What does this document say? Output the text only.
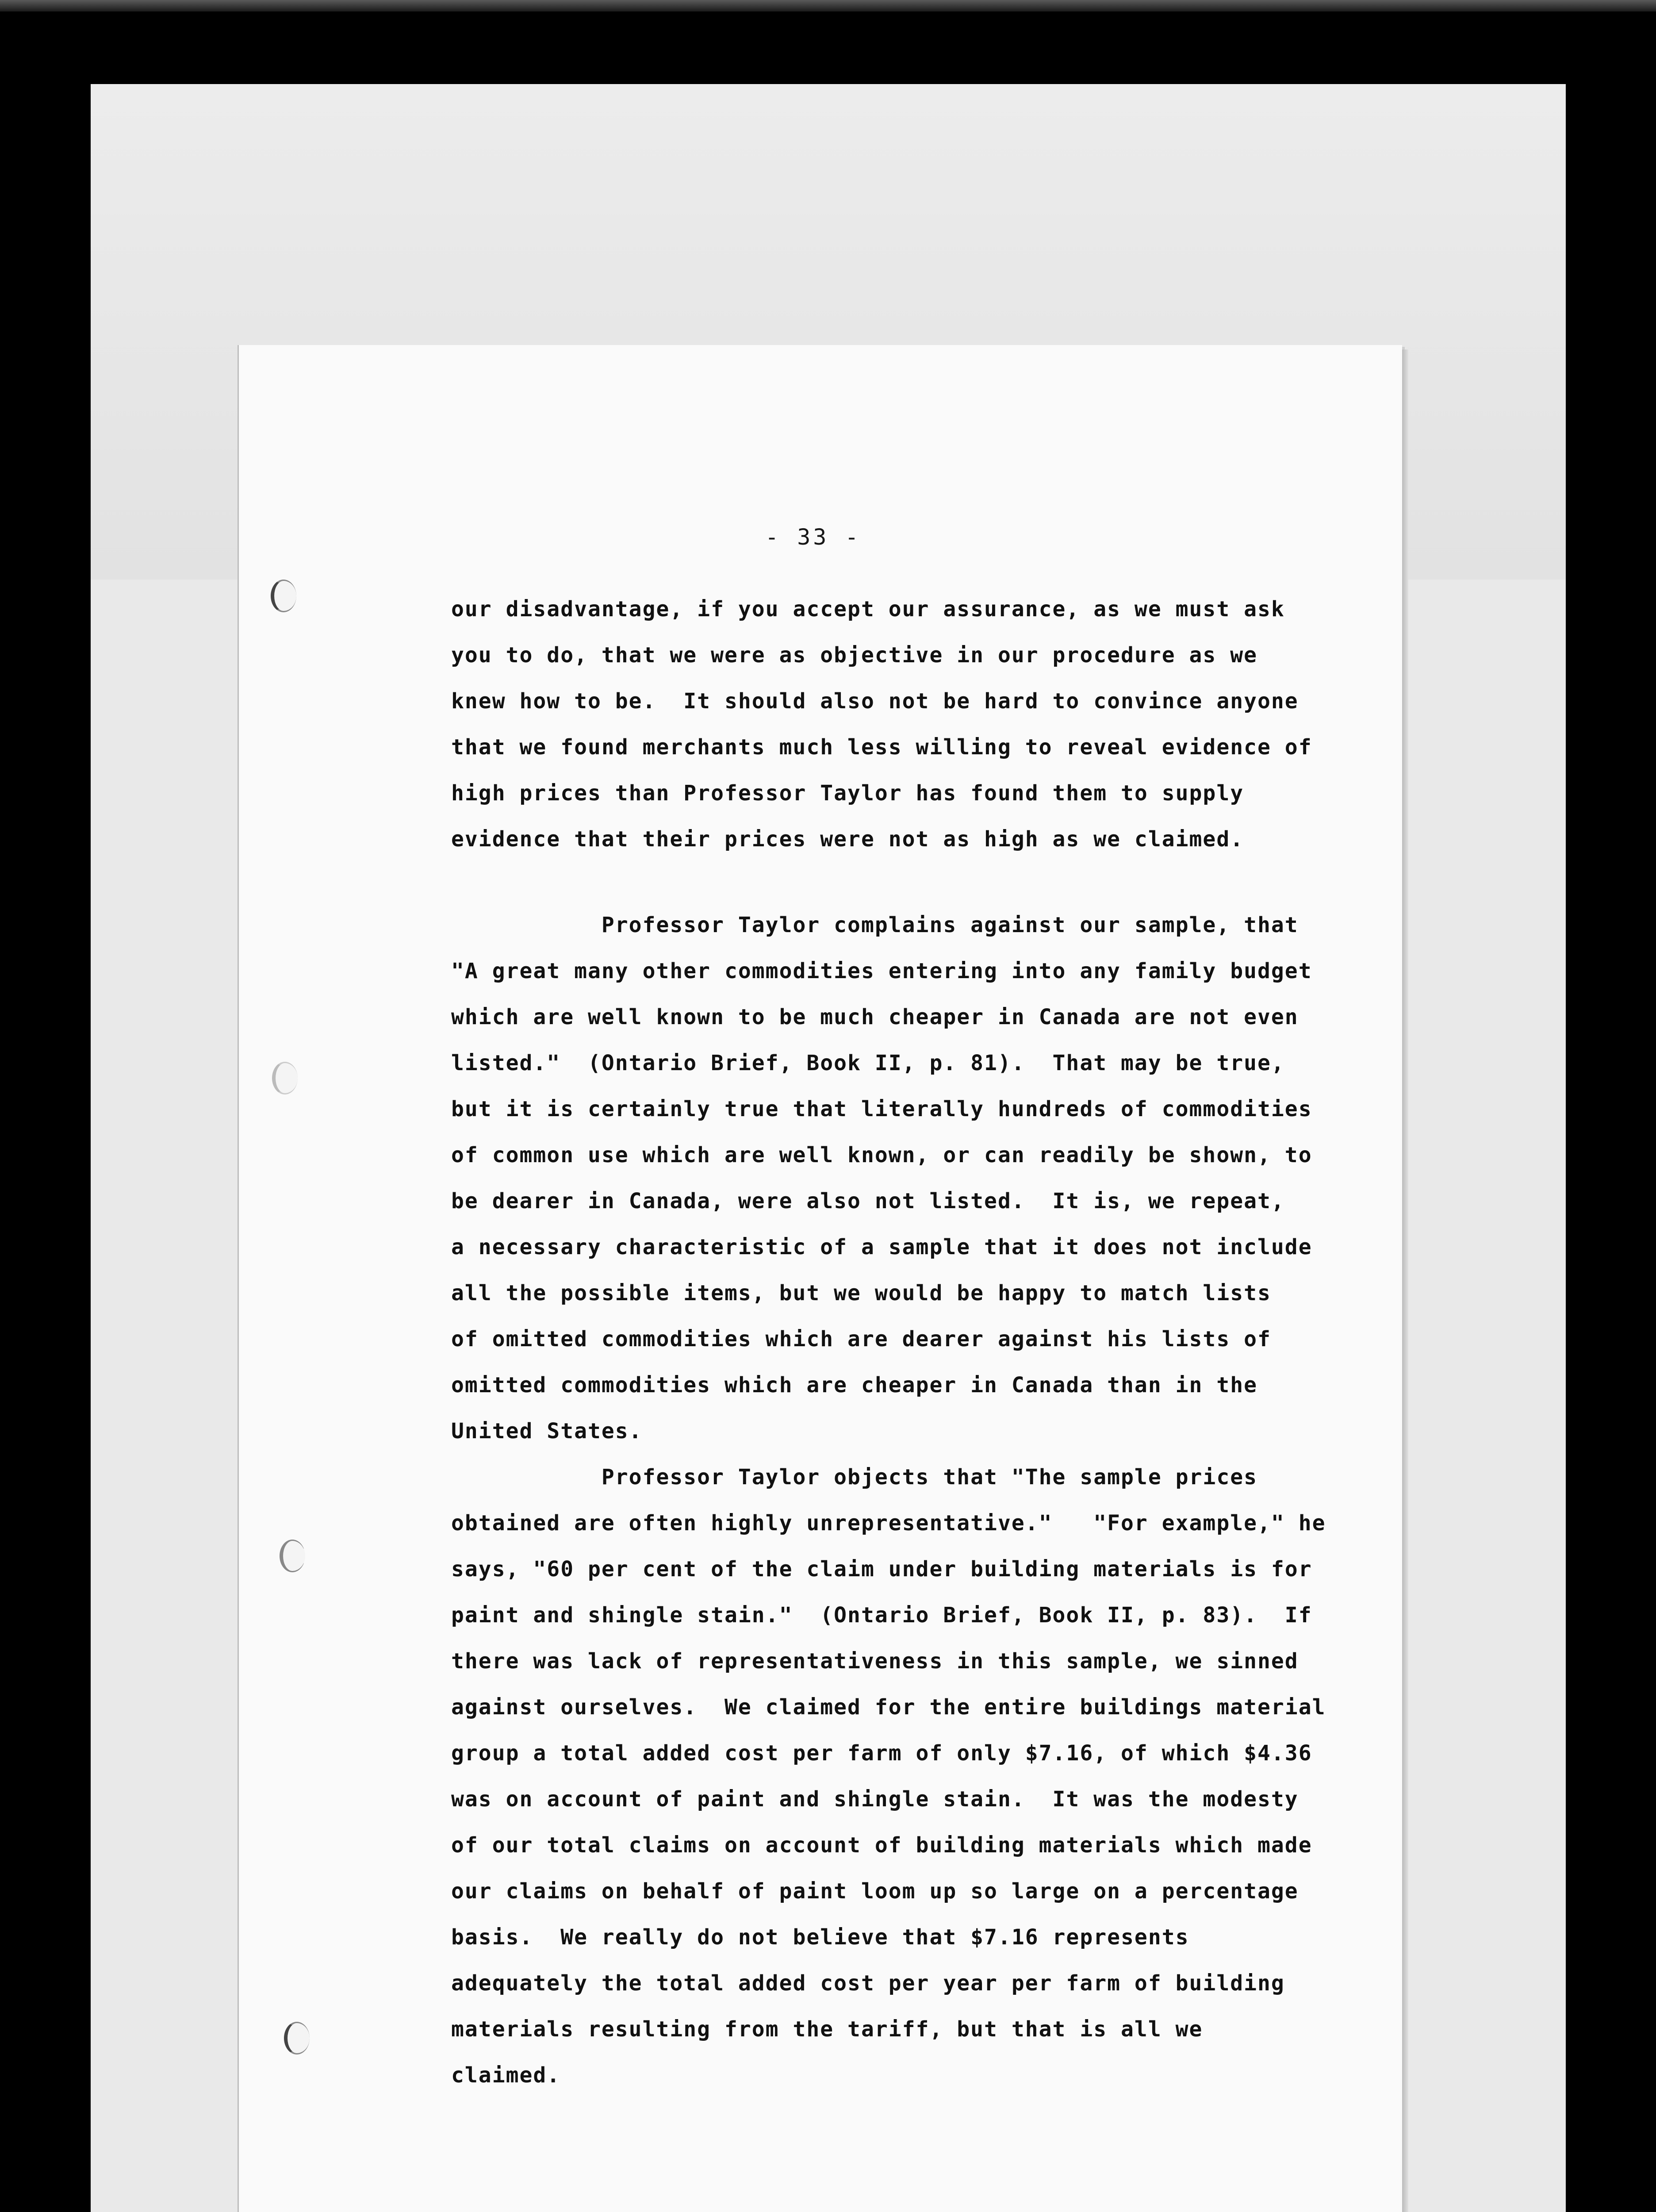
- 33 -
our disadvantage, if you accept our assurance, as we must ask
you to do, that we were as objective in our procedure as we
knew how to be.  It should also not be hard to convince anyone
that we found merchants much less willing to reveal evidence of
high prices than Professor Taylor has found them to supply
evidence that their prices were not as high as we claimed.
Professor Taylor complains against our sample, that
"A great many other commodities entering into any family budget
which are well known to be much cheaper in Canada are not even
listed."  (Ontario Brief, Book II, p. 81).  That may be true,
but it is certainly true that literally hundreds of commodities
of common use which are well known, or can readily be shown, to
be dearer in Canada, were also not listed.  It is, we repeat,
a necessary characteristic of a sample that it does not include
all the possible items, but we would be happy to match lists
of omitted commodities which are dearer against his lists of
omitted commodities which are cheaper in Canada than in the
United States.
Professor Taylor objects that "The sample prices
obtained are often highly unrepresentative."   "For example," he
says, "60 per cent of the claim under building materials is for
paint and shingle stain."  (Ontario Brief, Book II, p. 83).  If
there was lack of representativeness in this sample, we sinned
against ourselves.  We claimed for the entire buildings material
group a total added cost per farm of only $7.16, of which $4.36
was on account of paint and shingle stain.  It was the modesty
of our total claims on account of building materials which made
our claims on behalf of paint loom up so large on a percentage
basis.  We really do not believe that $7.16 represents
adequately the total added cost per year per farm of building
materials resulting from the tariff, but that is all we
claimed.
